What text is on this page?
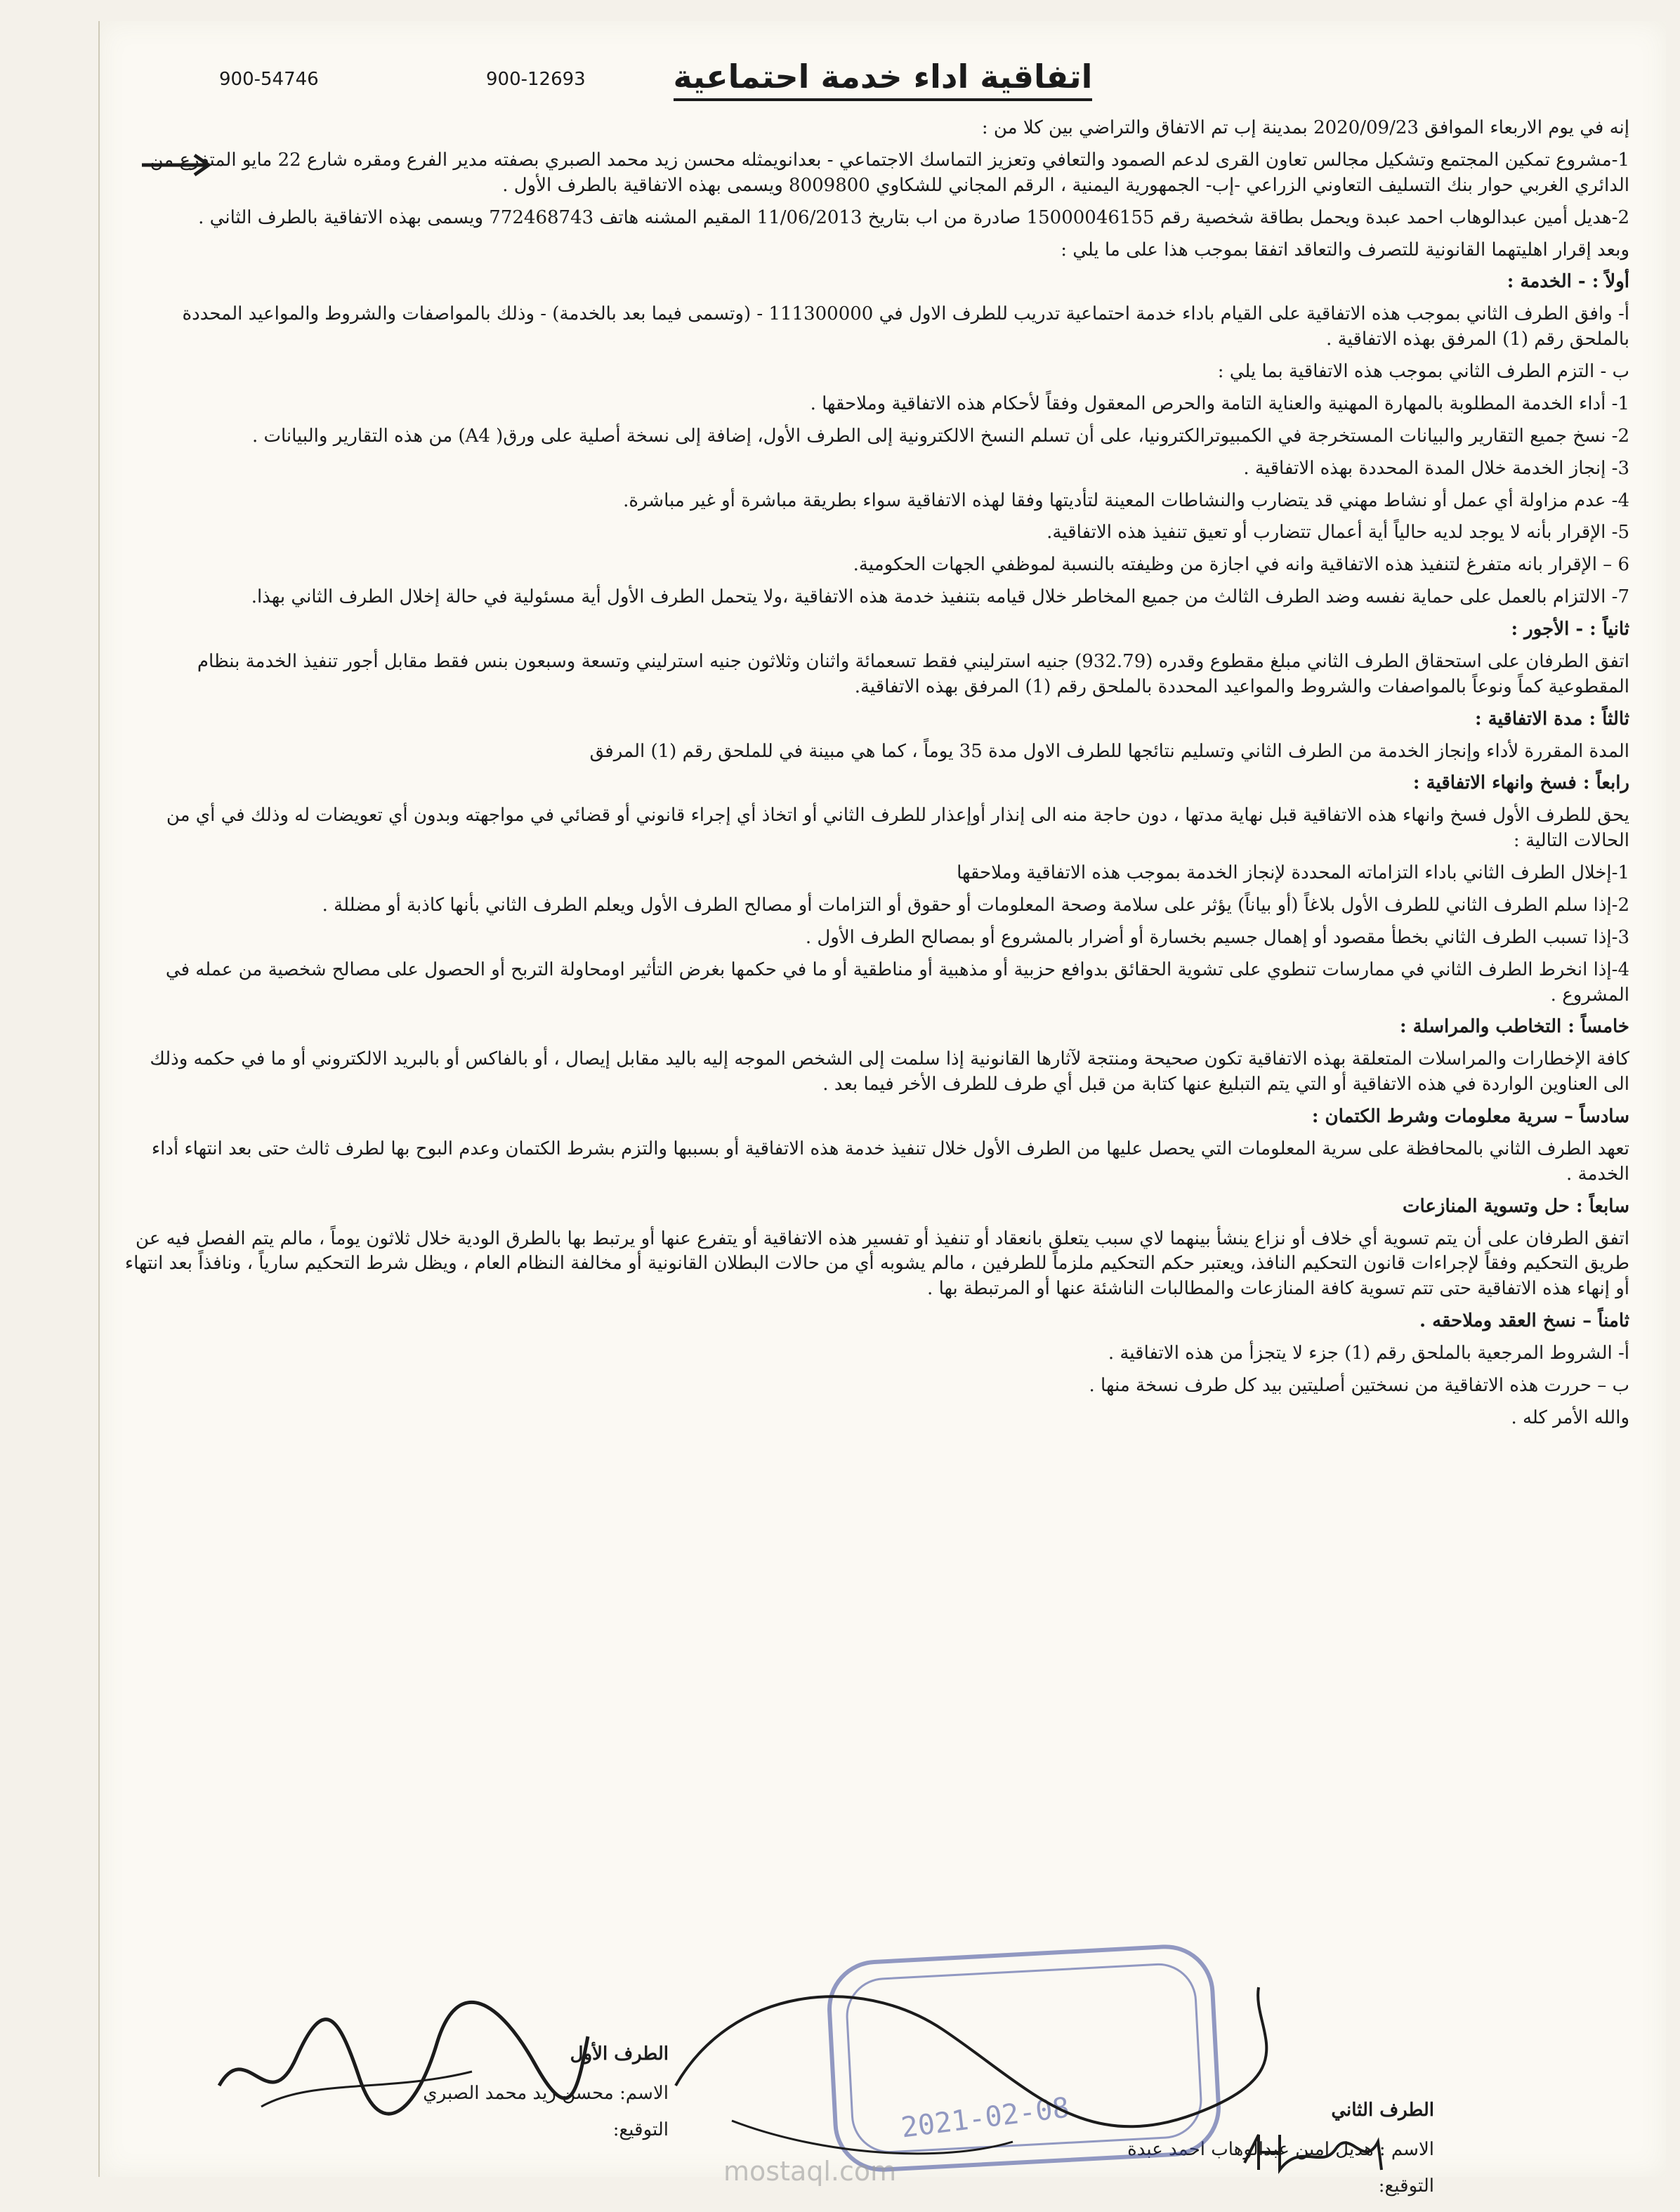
900-54746	900-12693	اتفاقية اداء خدمة احتماعية

إنه في يوم الاربعاء الموافق 2020/09/23 بمدينة إب تم الاتفاق والتراضي بين كلا من :

1-مشروع تمكين المجتمع وتشكيل مجالس تعاون القرى لدعم الصمود والتعافي وتعزيز التماسك الاجتماعي - بعدانويمثله محسن زيد محمد الصبري بصفته مدير الفرع ومقره شارع 22 مايو المتفرع من الدائري الغربي حوار بنك التسليف التعاوني الزراعي -إب- الجمهورية اليمنية ، الرقم المجاني للشكاوي 8009800 ويسمى بهذه الاتفاقية بالطرف الأول .

2-هديل أمين عبدالوهاب احمد عبدة ويحمل بطاقة شخصية رقم 15000046155 صادرة من اب بتاريخ 11/06/2013 المقيم المشنه هاتف 772468743 ويسمى بهذه الاتفاقية بالطرف الثاني .

وبعد إقرار اهليتهما القانونية للتصرف والتعاقد اتفقا بموجب هذا على ما يلي :

أولاً : - الخدمة :

أ- وافق الطرف الثاني بموجب هذه الاتفاقية على القيام باداء خدمة احتماعية تدريب للطرف الاول في 111300000 - (وتسمى فيما بعد بالخدمة) - وذلك بالمواصفات والشروط والمواعيد المحددة بالملحق رقم (1) المرفق بهذه الاتفاقية .

ب - التزم الطرف الثاني بموجب هذه الاتفاقية بما يلي :

1- أداء الخدمة المطلوبة بالمهارة المهنية والعناية التامة والحرص المعقول وفقاً لأحكام هذه الاتفاقية وملاحقها .

2- نسخ جميع التقارير والبيانات المستخرجة في الكمبيوترالكترونيا، على أن تسلم النسخ الالكترونية إلى الطرف الأول، إضافة إلى نسخة أصلية على ورق( A4) من هذه التقارير والبيانات .

3- إنجاز الخدمة خلال المدة المحددة بهذه الاتفاقية .

4- عدم مزاولة أي عمل أو نشاط مهني قد يتضارب والنشاطات المعينة لتأديتها وفقا لهذه الاتفاقية سواء بطريقة مباشرة أو غير مباشرة.

5- الإقرار بأنه لا يوجد لديه حالياً أية أعمال تتضارب أو تعيق تنفيذ هذه الاتفاقية.

6 – الإقرار بانه متفرغ لتنفيذ هذه الاتفاقية وانه في اجازة من وظيفته بالنسبة لموظفي الجهات الحكومية.

7- الالتزام بالعمل على حماية نفسه وضد الطرف الثالث من جميع المخاطر خلال قيامه بتنفيذ خدمة هذه الاتفاقية ،ولا يتحمل الطرف الأول أية مسئولية في حالة إخلال الطرف الثاني بهذا.

ثانياً : - الأجور :

اتفق الطرفان على استحقاق الطرف الثاني مبلغ مقطوع وقدره (932.79) جنيه استرليني فقط تسعمائة واثنان وثلاثون جنيه استرليني وتسعة وسبعون بنس فقط مقابل أجور تنفيذ الخدمة بنظام المقطوعية كماً ونوعاً بالمواصفات والشروط والمواعيد المحددة بالملحق رقم (1) المرفق بهذه الاتفاقية.

ثالثاً : مدة الاتفاقية :

المدة المقررة لأداء وإنجاز الخدمة من الطرف الثاني وتسليم نتائجها للطرف الاول مدة 35 يوماً ، كما هي مبينة في للملحق رقم (1) المرفق

رابعاً : فسخ وانهاء الاتفاقية :

يحق للطرف الأول فسخ وانهاء هذه الاتفاقية قبل نهاية مدتها ، دون حاجة منه الى إنذار أوإعذار للطرف الثاني أو اتخاذ أي إجراء قانوني أو قضائي في مواجهته وبدون أي تعويضات له وذلك في أي من الحالات التالية :

1-إخلال الطرف الثاني باداء التزاماته المحددة لإنجاز الخدمة بموجب هذه الاتفاقية وملاحقها

2-إذا سلم الطرف الثاني للطرف الأول بلاغاً (أو بياناً) يؤثر على سلامة وصحة المعلومات أو حقوق أو التزامات أو مصالح الطرف الأول ويعلم الطرف الثاني بأنها كاذبة أو مضللة .

3-إذا تسبب الطرف الثاني بخطأ مقصود أو إهمال جسيم بخسارة أو أضرار بالمشروع أو بمصالح الطرف الأول .

4-إذا انخرط الطرف الثاني في ممارسات تنطوي على تشوية الحقائق بدوافع حزبية أو مذهبية أو مناطقية أو ما في حكمها بغرض التأثير اومحاولة التربح أو الحصول على مصالح شخصية من عمله في المشروع .

خامساً : التخاطب والمراسلة :

كافة الإخطارات والمراسلات المتعلقة بهذه الاتفاقية تكون صحيحة ومنتجة لآثارها القانونية إذا سلمت إلى الشخص الموجه إليه باليد مقابل إيصال ، أو بالفاكس أو بالبريد الالكتروني أو ما في حكمه وذلك الى العناوين الواردة في هذه الاتفاقية أو التي يتم التبليغ عنها كتابة من قبل أي طرف للطرف الأخر فيما بعد .

سادساً – سرية معلومات وشرط الكتمان :

تعهد الطرف الثاني بالمحافظة على سرية المعلومات التي يحصل عليها من الطرف الأول خلال تنفيذ خدمة هذه الاتفاقية أو بسببها والتزم بشرط الكتمان وعدم البوح بها لطرف ثالث حتى بعد انتهاء أداء الخدمة .

سابعاً : حل وتسوية المنازعات

اتفق الطرفان على أن يتم تسوية أي خلاف أو نزاع ينشأ بينهما لاي سبب يتعلق بانعقاد أو تنفيذ أو تفسير هذه الاتفاقية أو يتفرع عنها أو يرتبط بها بالطرق الودية خلال ثلاثون يوماً ، مالم يتم الفصل فيه عن طريق التحكيم وفقاً لإجراءات قانون التحكيم النافذ، ويعتبر حكم التحكيم ملزماً للطرفين ، مالم يشوبه أي من حالات البطلان القانونية أو مخالفة النظام العام ، ويظل شرط التحكيم سارياً ، ونافذاً بعد انتهاء أو إنهاء هذه الاتفاقية حتى تتم تسوية كافة المنازعات والمطالبات الناشئة عنها أو المرتبطة بها .

ثامناً – نسخ العقد وملاحقه .

أ- الشروط المرجعية بالملحق رقم (1) جزء لا يتجزأ من هذه الاتفاقية .

ب – حررت هذه الاتفاقية من نسختين أصليتين بيد كل طرف نسخة منها .

والله الأمر كله .

الطرف الأول
الاسم: محسن زيد محمد الصبري
التوقيع:
الطرف الثاني
الاسم : هديل امين عبدالوهاب احمد عبدة
التوقيع:
2021-02-08
mostaql.com
